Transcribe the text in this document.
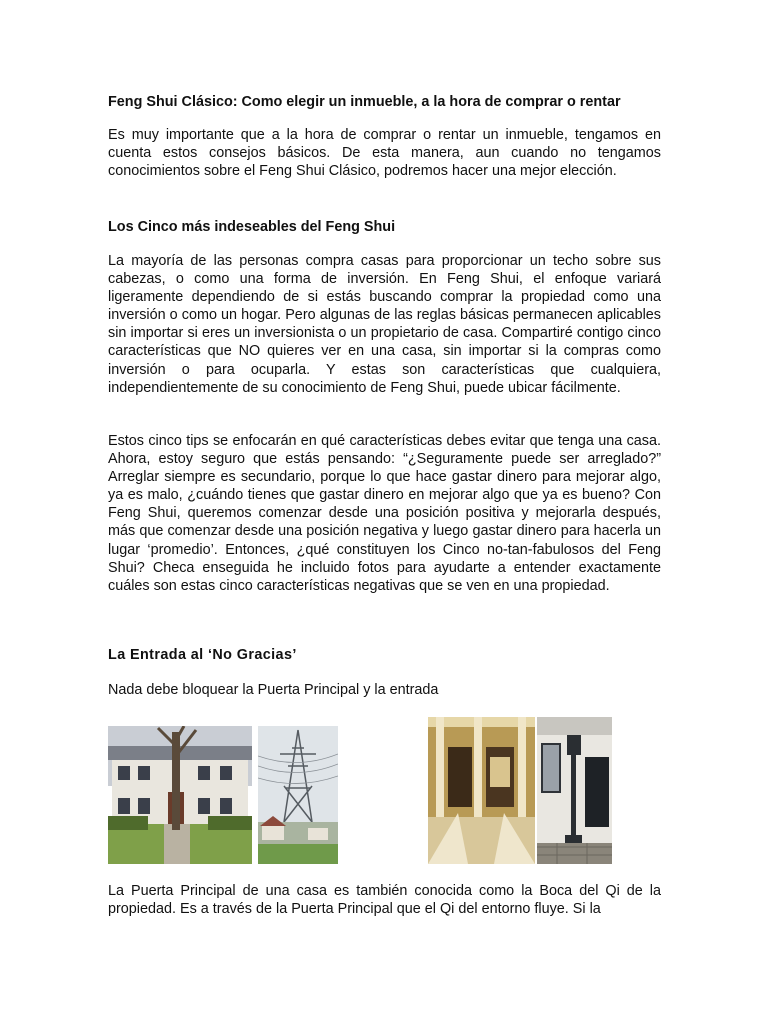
Feng Shui Clásico: Como elegir un inmueble, a la hora de comprar o rentar

Es muy importante que a la hora de comprar o rentar un inmueble, tengamos en cuenta estos consejos básicos. De esta manera, aun cuando no tengamos conocimientos sobre el Feng Shui Clásico, podremos hacer una mejor elección.

Los Cinco más indeseables del Feng Shui

La mayoría de las personas compra casas para proporcionar un techo sobre sus cabezas, o como una forma de inversión. En Feng Shui, el enfoque variará ligeramente dependiendo de si estás buscando comprar la propiedad como una inversión o como un hogar. Pero algunas de las reglas básicas permanecen aplicables sin importar si eres un inversionista o un propietario de casa. Compartiré contigo cinco características que NO quieres ver en una casa, sin importar si la compras como inversión o para ocuparla. Y estas son características que cualquiera, independientemente de su conocimiento de Feng Shui, puede ubicar fácilmente.

Estos cinco tips se enfocarán en qué características debes evitar que tenga una casa. Ahora, estoy seguro que estás pensando: “¿Seguramente puede ser arreglado?” Arreglar siempre es secundario, porque lo que hace gastar dinero para mejorar algo, ya es malo, ¿cuándo tienes que gastar dinero en mejorar algo que ya es bueno? Con Feng Shui, queremos comenzar desde una posición positiva y mejorarla después, más que comenzar desde una posición negativa y luego gastar dinero para hacerla un lugar ‘promedio’. Entonces, ¿qué constituyen los Cinco no-tan-fabulosos del Feng Shui? Checa enseguida he incluido fotos para ayudarte a entender exactamente cuáles son estas cinco características negativas que se ven en una propiedad.

La Entrada al ‘No Gracias’

Nada debe bloquear la Puerta Principal y la entrada

La Puerta Principal de una casa es también conocida como la Boca del Qi de la propiedad. Es a través de la Puerta Principal que el Qi del entorno fluye. Si la
